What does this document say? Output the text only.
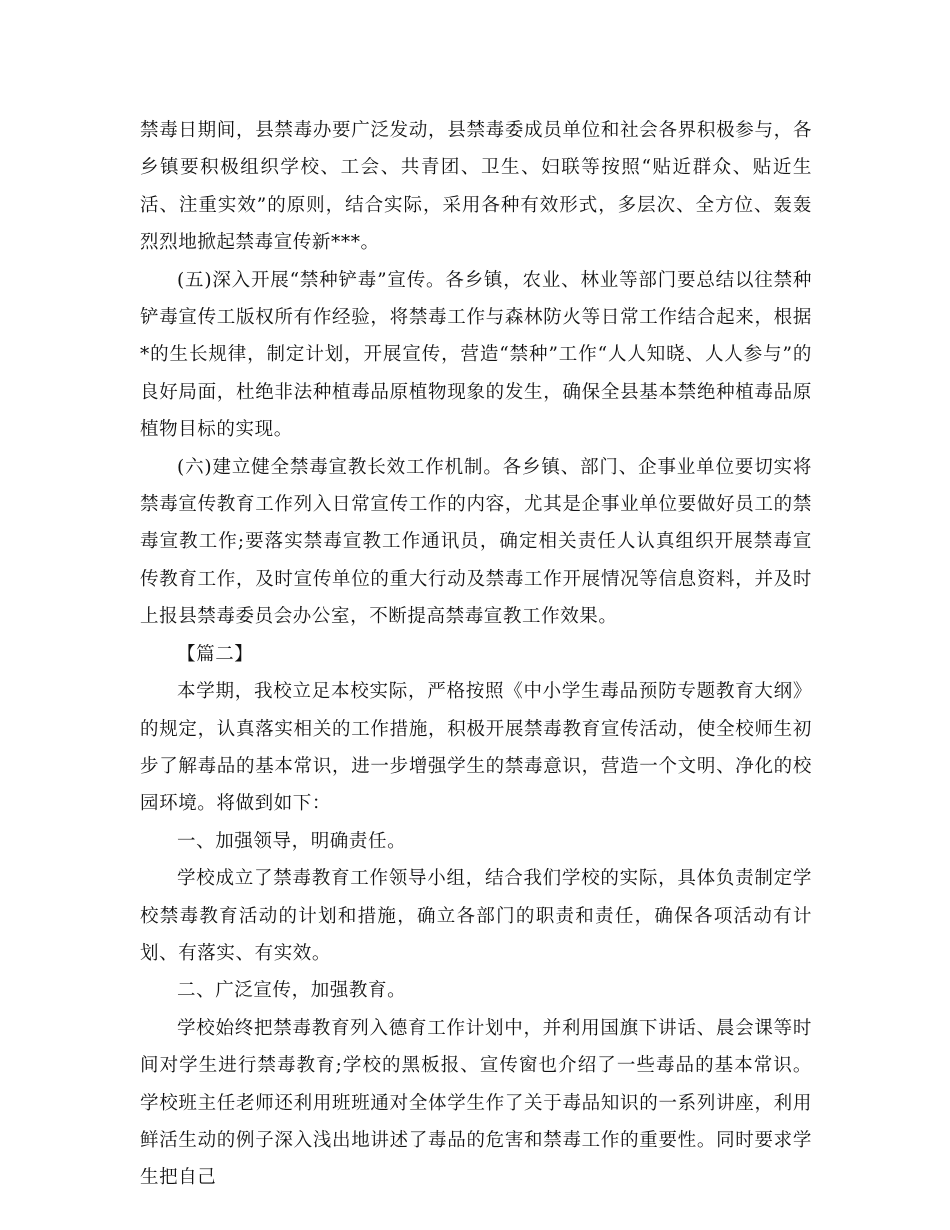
禁毒日期间，县禁毒办要广泛发动，县禁毒委成员单位和社会各界积极参与，各乡镇要积极组织学校、工会、共青团、卫生、妇联等按照“贴近群众、贴近生活、注重实效”的原则，结合实际，采用各种有效形式，多层次、全方位、轰轰烈烈地掀起禁毒宣传新***。

(五)深入开展“禁种铲毒”宣传。各乡镇，农业、林业等部门要总结以往禁种铲毒宣传工版权所有作经验，将禁毒工作与森林防火等日常工作结合起来，根据*的生长规律，制定计划，开展宣传，营造“禁种”工作“人人知晓、人人参与”的良好局面，杜绝非法种植毒品原植物现象的发生，确保全县基本禁绝种植毒品原植物目标的实现。

(六)建立健全禁毒宣教长效工作机制。各乡镇、部门、企事业单位要切实将禁毒宣传教育工作列入日常宣传工作的内容，尤其是企事业单位要做好员工的禁毒宣教工作;要落实禁毒宣教工作通讯员，确定相关责任人认真组织开展禁毒宣传教育工作，及时宣传单位的重大行动及禁毒工作开展情况等信息资料，并及时上报县禁毒委员会办公室，不断提高禁毒宣教工作效果。

【篇二】

本学期，我校立足本校实际，严格按照《中小学生毒品预防专题教育大纲》的规定，认真落实相关的工作措施，积极开展禁毒教育宣传活动，使全校师生初步了解毒品的基本常识，进一步增强学生的禁毒意识，营造一个文明、净化的校园环境。将做到如下：

一、加强领导，明确责任。

学校成立了禁毒教育工作领导小组，结合我们学校的实际，具体负责制定学校禁毒教育活动的计划和措施，确立各部门的职责和责任，确保各项活动有计划、有落实、有实效。

二、广泛宣传，加强教育。

学校始终把禁毒教育列入德育工作计划中，并利用国旗下讲话、晨会课等时间对学生进行禁毒教育;学校的黑板报、宣传窗也介绍了一些毒品的基本常识。学校班主任老师还利用班班通对全体学生作了关于毒品知识的一系列讲座，利用鲜活生动的例子深入浅出地讲述了毒品的危害和禁毒工作的重要性。同时要求学生把自己
